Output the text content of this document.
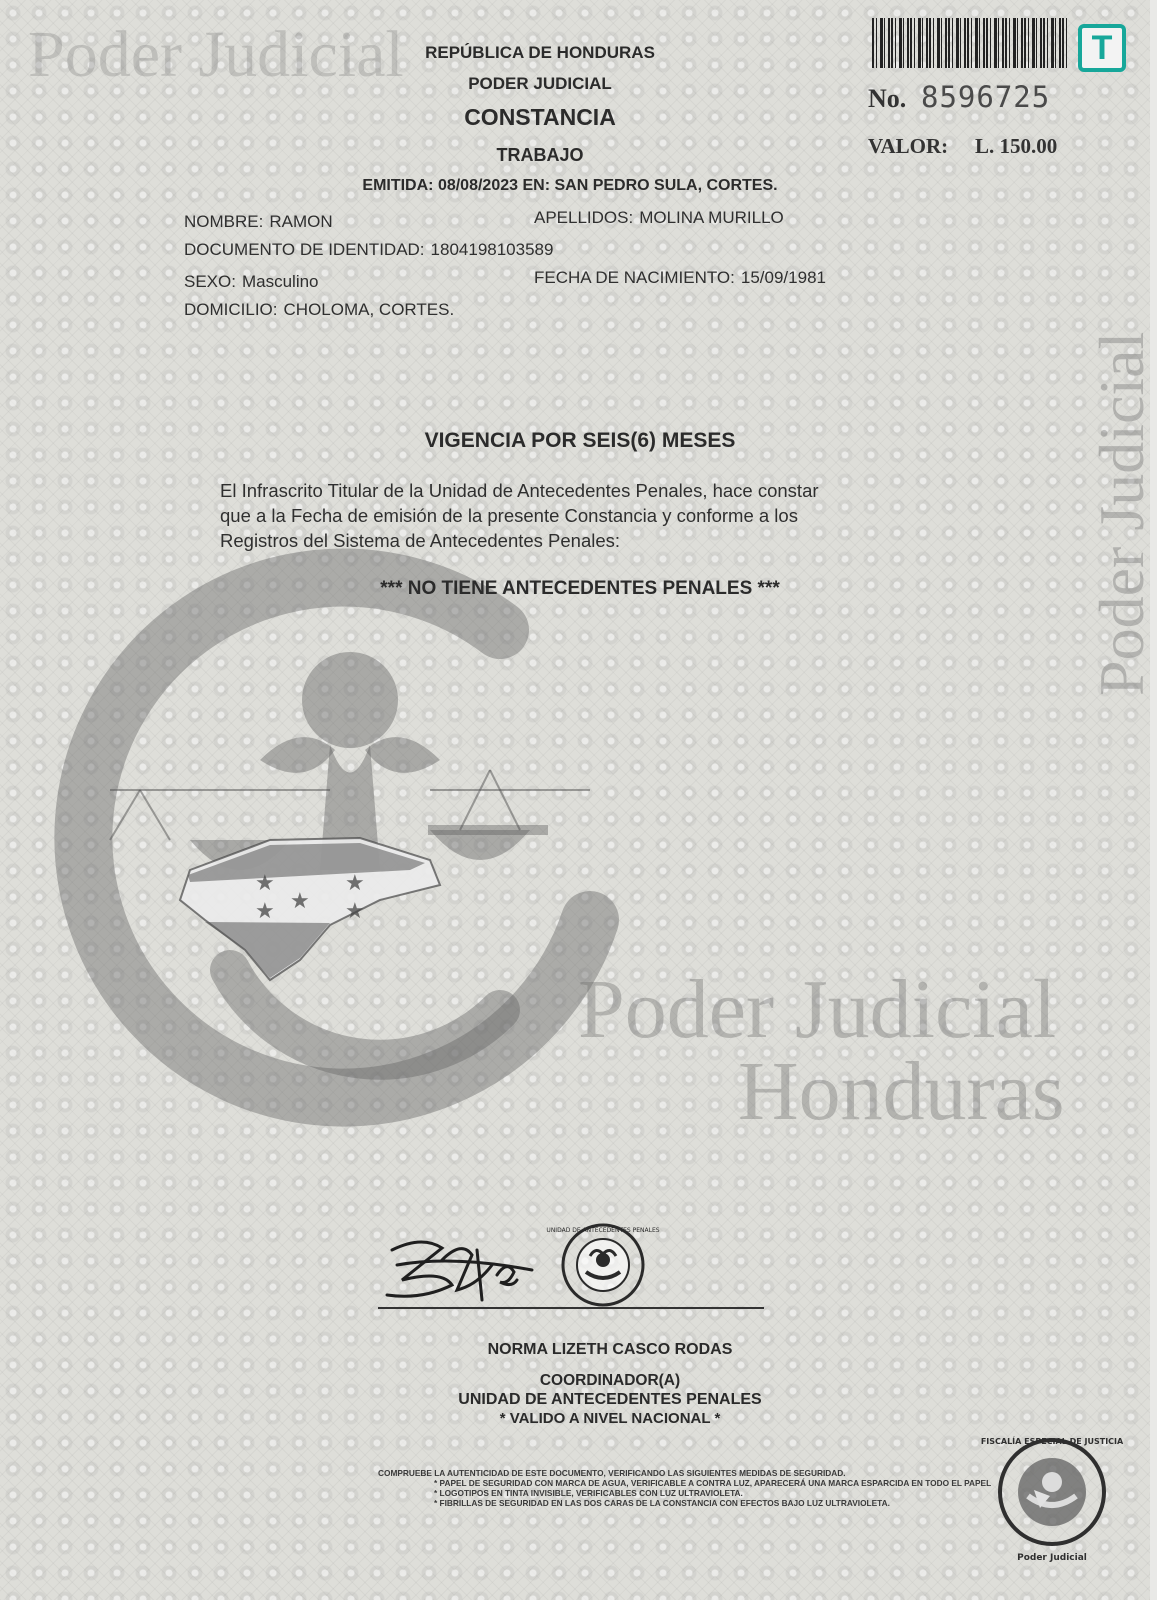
Poder Judicial
Poder Judicial
Poder Judicial
Honduras
★	★
★
★	★
REPÚBLICA DE HONDURAS
PODER JUDICIAL
CONSTANCIA
TRABAJO
EMITIDA: 08/08/2023 EN: SAN PEDRO SULA, CORTES.
T
No. 8596725
VALOR: L. 150.00
NOMBRE: RAMON	APELLIDOS: MOLINA MURILLO
DOCUMENTO DE IDENTIDAD: 1804198103589
SEXO: Masculino	FECHA DE NACIMIENTO: 15/09/1981
DOMICILIO: CHOLOMA, CORTES.
VIGENCIA POR SEIS(6) MESES
El Infrascrito Titular de la Unidad de Antecedentes Penales, hace constar
que a la Fecha de emisión de la presente Constancia y conforme a los
Registros del Sistema de Antecedentes Penales:
*** NO TIENE ANTECEDENTES PENALES ***
UNIDAD DE ANTECEDENTES PENALES
NORMA LIZETH CASCO RODAS
COORDINADOR(A)
UNIDAD DE ANTECEDENTES PENALES
* VALIDO A NIVEL NACIONAL *
COMPRUEBE LA AUTENTICIDAD DE ESTE DOCUMENTO, VERIFICANDO LAS SIGUIENTES MEDIDAS DE SEGURIDAD.
* PAPEL DE SEGURIDAD CON MARCA DE AGUA, VERIFICABLE A CONTRA LUZ, APARECERÁ UNA MARCA ESPARCIDA EN TODO EL PAPEL
* LOGOTIPOS EN TINTA INVISIBLE, VERIFICABLES CON LUZ ULTRAVIOLETA.
* FIBRILLAS DE SEGURIDAD EN LAS DOS CARAS DE LA CONSTANCIA CON EFECTOS BAJO LUZ ULTRAVIOLETA.
FISCALÍA ESPECIAL DE JUSTICIA
Poder Judicial
